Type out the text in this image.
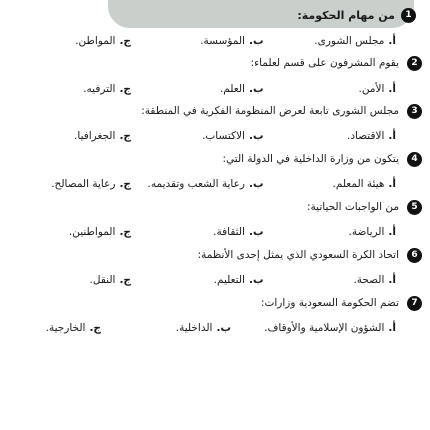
1
من مهام الحكومة:
أ.
مجلس الشورى.
ب.
المؤسسة.
ج.
المواطن.
2
يقوم المشرفون على قسم لعلماء:
أ.
الأمن.
ب.
العلم.
ج.
الترفيه.
3
مجلس الشورى تابعة لعرض المنظومة الفكرية في المنطقة:
أ.
الاقتصاد.
ب.
الاكتساب.
ج.
الجغرافيا.
4
يتكون من وزارة الداخلية في الدولة التي:
أ.
هيئة المعلم.
ب.
رعاية الشعب وتقديمه.
ج.
رعاية المصالح.
5
من الواجبات الحياتية:
أ.
الرياضة.
ب.
الثقافة.
ج.
المواطنين.
6
اتحاد الكرة السعودي الذي يمثل إحدى الأنظمة:
أ.
الصحة.
ب.
التعليم.
ج.
النقل.
7
تضم الحكومة السعودية وزارات:
أ.
الشؤون الإسلامية والأوقاف.
ب.
الداخلية.
ج.
الخارجية.
